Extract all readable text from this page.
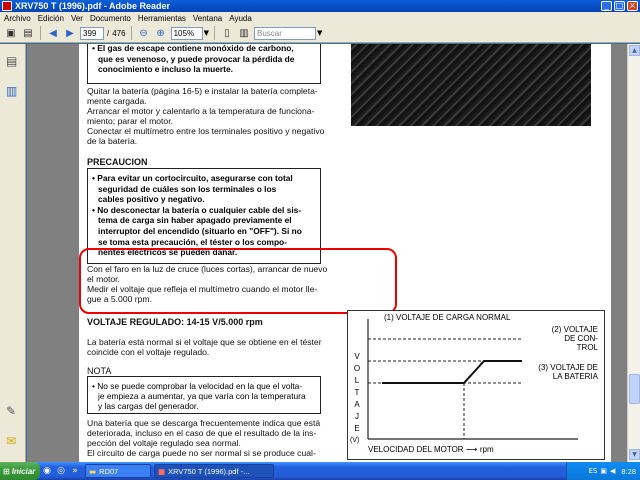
XRV750 T (1996).pdf - Adobe Reader	_ □ ×
Archivo Edición Ver Documento Herramientas Ventana Ayuda
▣ ▤	◀ ▶	399	/ 476 ⊖ ⊕	105%	▼	▯ ▥	Buscar	▼
▤
▥
✎
✉
• El gas de escape contiene monóxido de carbono,
que es venenoso, y puede provocar la pérdida de
conocimiento e incluso la muerte.
Quitar la batería (página 16-5) e instalar la batería completa-
mente cargada.
Arrancar el motor y calentarlo a la temperatura de funciona-
miento; parar el motor.
Conectar el multímetro entre los terminales positivo y negativo
de la batería.
PRECAUCION
• Para evitar un cortocircuito, asegurarse con total
seguridad de cuáles son los terminales o los
cables positivo y negativo.
• No desconectar la batería o cualquier cable del sis-
tema de carga sin haber apagado previamente el
interruptor del encendido (situarlo en "OFF"). Si no
se toma esta precaución, el téster o los compo-
nentes eléctricos se pueden dañar.
Con el faro en la luz de cruce (luces cortas), arrancar de nuevo
el motor.
Medir el voltaje que refleja el multímetro cuando el motor lle-
gue a 5.000 rpm.
VOLTAJE REGULADO: 14-15 V/5.000 rpm
La batería está normal si el voltaje que se obtiene en el téster
coincide con el voltaje regulado.
NOTA
• No se puede comprobar la velocidad en la que el volta-
je empieza a aumentar, ya que varía con la temperatura
y las cargas del generador.
Una batería que se descarga frecuentemente indica que está
deteriorada, incluso en el caso de que el resultado de la ins-
pección del voltaje regulado sea normal.
El circuito de carga puede no ser normal si se produce cual-
(1) VOLTAJE DE CARGA NORMAL
(2) VOLTAJE
DE CON-
TROL
(3) VOLTAJE DE
LA BATERIA
V
O
L
T
A
J
E
(V)
VELOCIDAD DEL MOTOR ⟶ rpm
▲
▼
⊞ Iniciar ◉ ◎ »	▬ RD07	■ XRV750 T (1996).pdf -...	ES ▣ ◀ 8:28
